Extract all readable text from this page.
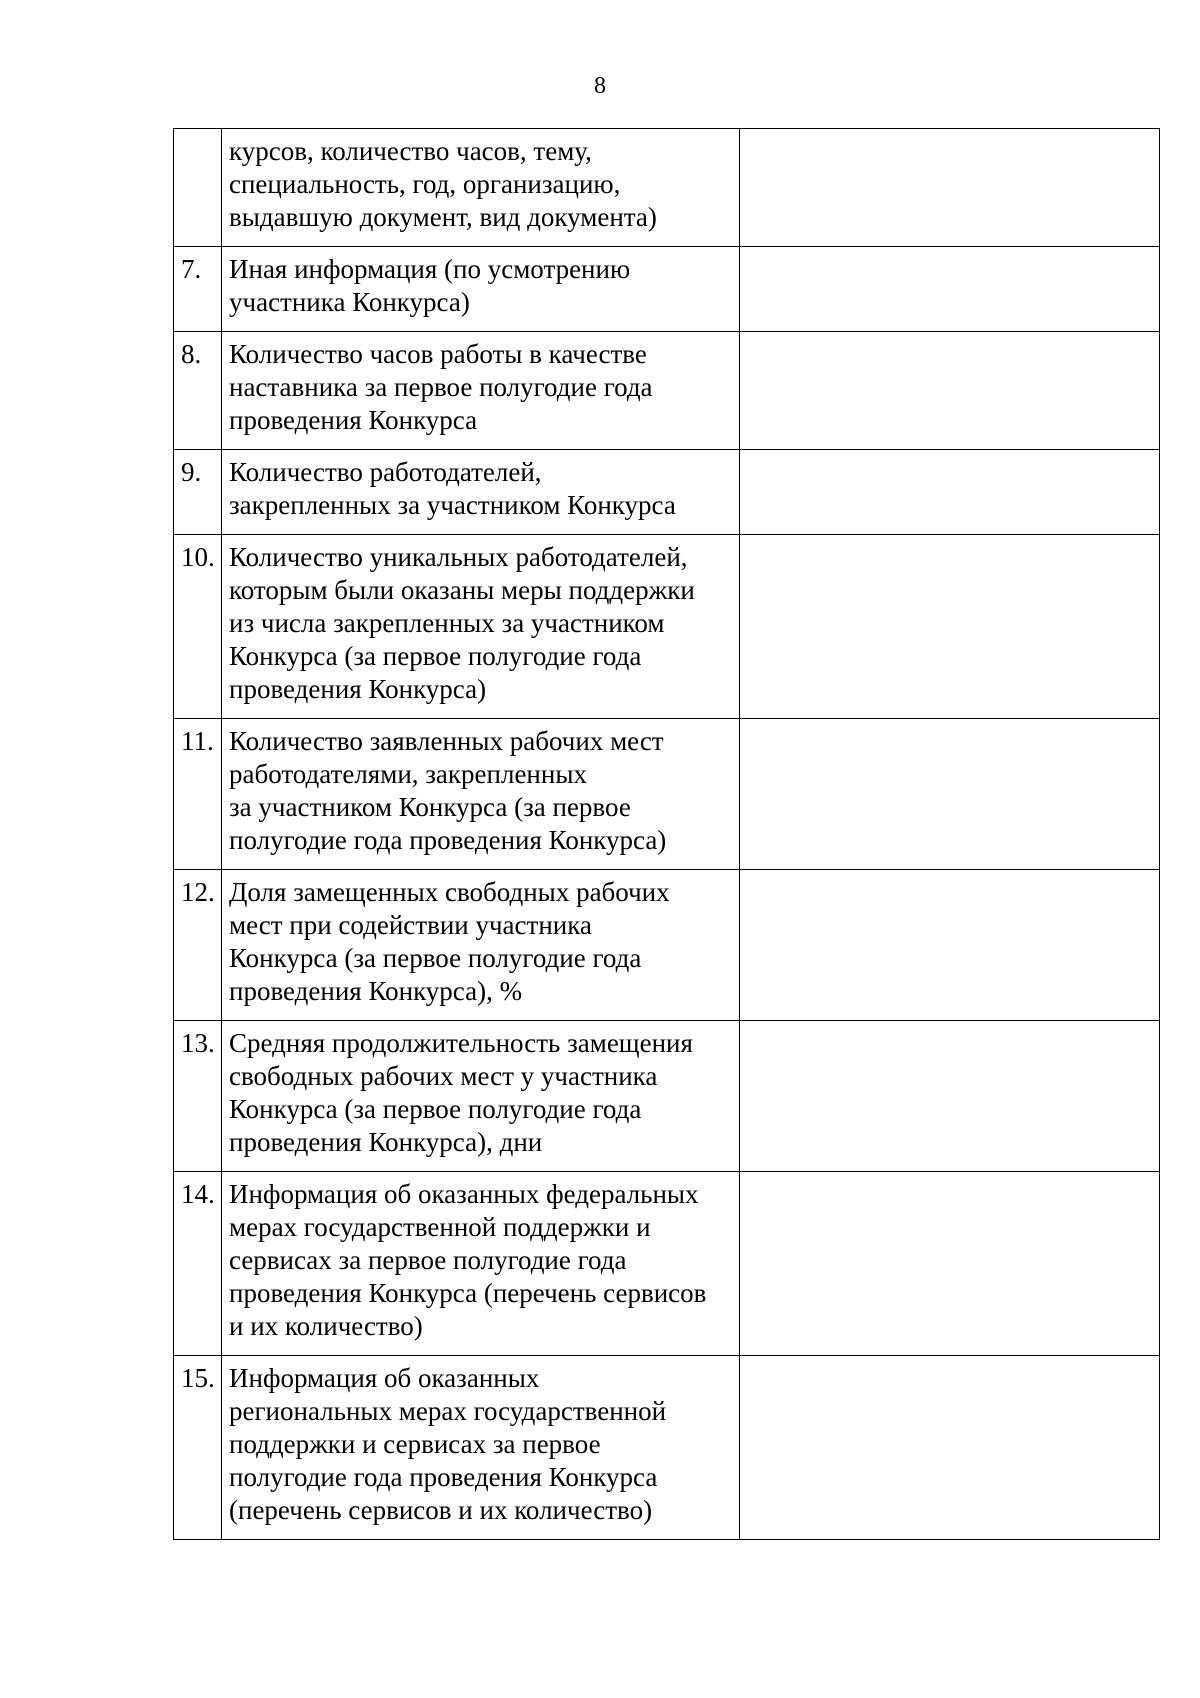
8

	курсов, количество часов, тему,
специальность, год, организацию,
выдавшую документ, вид документа)	

7.	Иная информация (по усмотрению
участника Конкурса)	

8.	Количество часов работы в качестве
наставника за первое полугодие года
проведения Конкурса	

9.	Количество работодателей,
закрепленных за участником Конкурса	

10.	Количество уникальных работодателей,
которым были оказаны меры поддержки
из числа закрепленных за участником
Конкурса (за первое полугодие года
проведения Конкурса)	

11.	Количество заявленных рабочих мест
работодателями, закрепленных
за участником Конкурса (за первое
полугодие года проведения Конкурса)	

12.	Доля замещенных свободных рабочих
мест при содействии участника
Конкурса (за первое полугодие года
проведения Конкурса), %	

13.	Средняя продолжительность замещения
свободных рабочих мест у участника
Конкурса (за первое полугодие года
проведения Конкурса), дни	

14.	Информация об оказанных федеральных
мерах государственной поддержки и
сервисах за первое полугодие года
проведения Конкурса (перечень сервисов
и их количество)	

15.	Информация об оказанных
региональных мерах государственной
поддержки и сервисах за первое
полугодие года проведения Конкурса
(перечень сервисов и их количество)	
